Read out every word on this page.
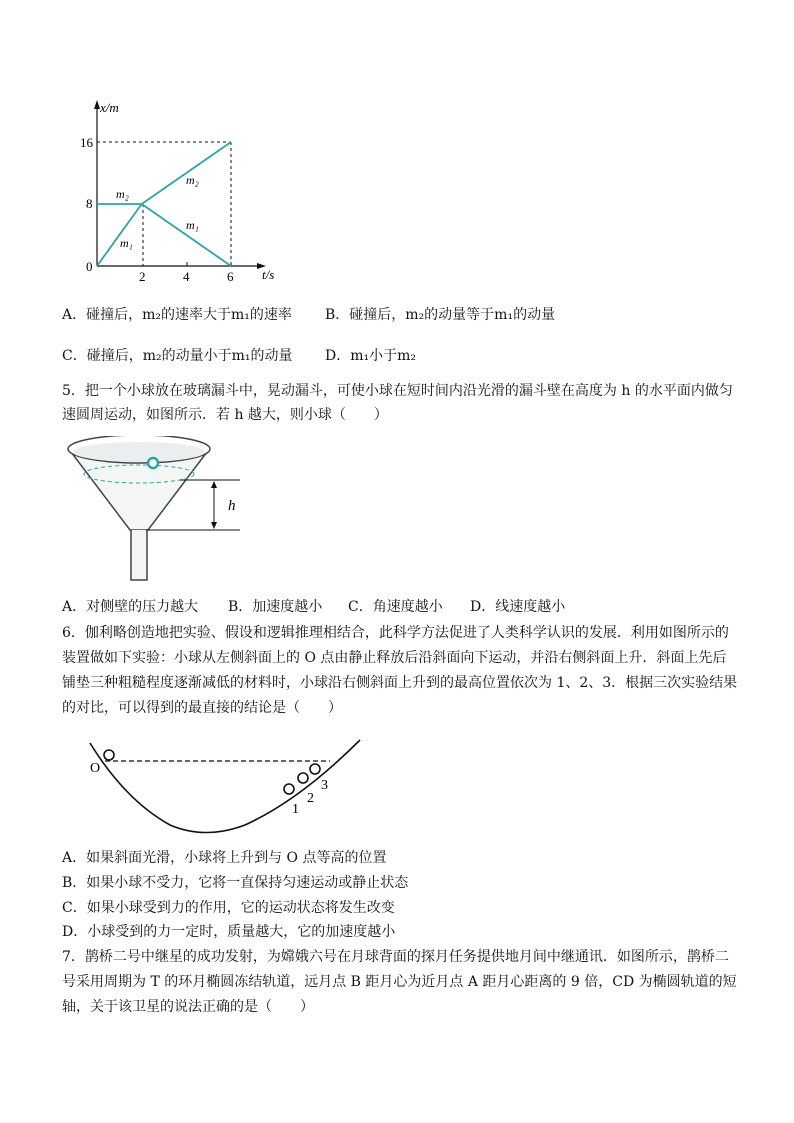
x/m
t/s
0
16
8
2	4	6
m₂
m₂
m₁
m₁
A．碰撞后，m₂的速率大于m₁的速率 B．碰撞后，m₂的动量等于m₁的动量
C．碰撞后，m₂的动量小于m₁的动量 D．m₁小于m₂
5．把一个小球放在玻璃漏斗中，晃动漏斗，可使小球在短时间内沿光滑的漏斗壁在高度为 h 的水平面内做匀
速圆周运动，如图所示．若 h 越大，则小球（　　）
h
A．对侧壁的压力越大 B．加速度越小 C．角速度越小 D．线速度越小
6．伽利略创造地把实验、假设和逻辑推理相结合，此科学方法促进了人类科学认识的发展．利用如图所示的
装置做如下实验：小球从左侧斜面上的 O 点由静止释放后沿斜面向下运动，并沿右侧斜面上升．斜面上先后
铺垫三种粗糙程度逐渐减低的材料时，小球沿右侧斜面上升到的最高位置依次为 1、2、3．根据三次实验结果
的对比，可以得到的最直接的结论是（　　）
O
1
2
3
A．如果斜面光滑，小球将上升到与 O 点等高的位置
B．如果小球不受力，它将一直保持匀速运动或静止状态
C．如果小球受到力的作用，它的运动状态将发生改变
D．小球受到的力一定时，质量越大，它的加速度越小
7．鹊桥二号中继星的成功发射，为嫦娥六号在月球背面的探月任务提供地月间中继通讯．如图所示，鹊桥二
号采用周期为 T 的环月椭圆冻结轨道，远月点 B 距月心为近月点 A 距月心距离的 9 倍，CD 为椭圆轨道的短
轴，关于该卫星的说法正确的是（　　）
